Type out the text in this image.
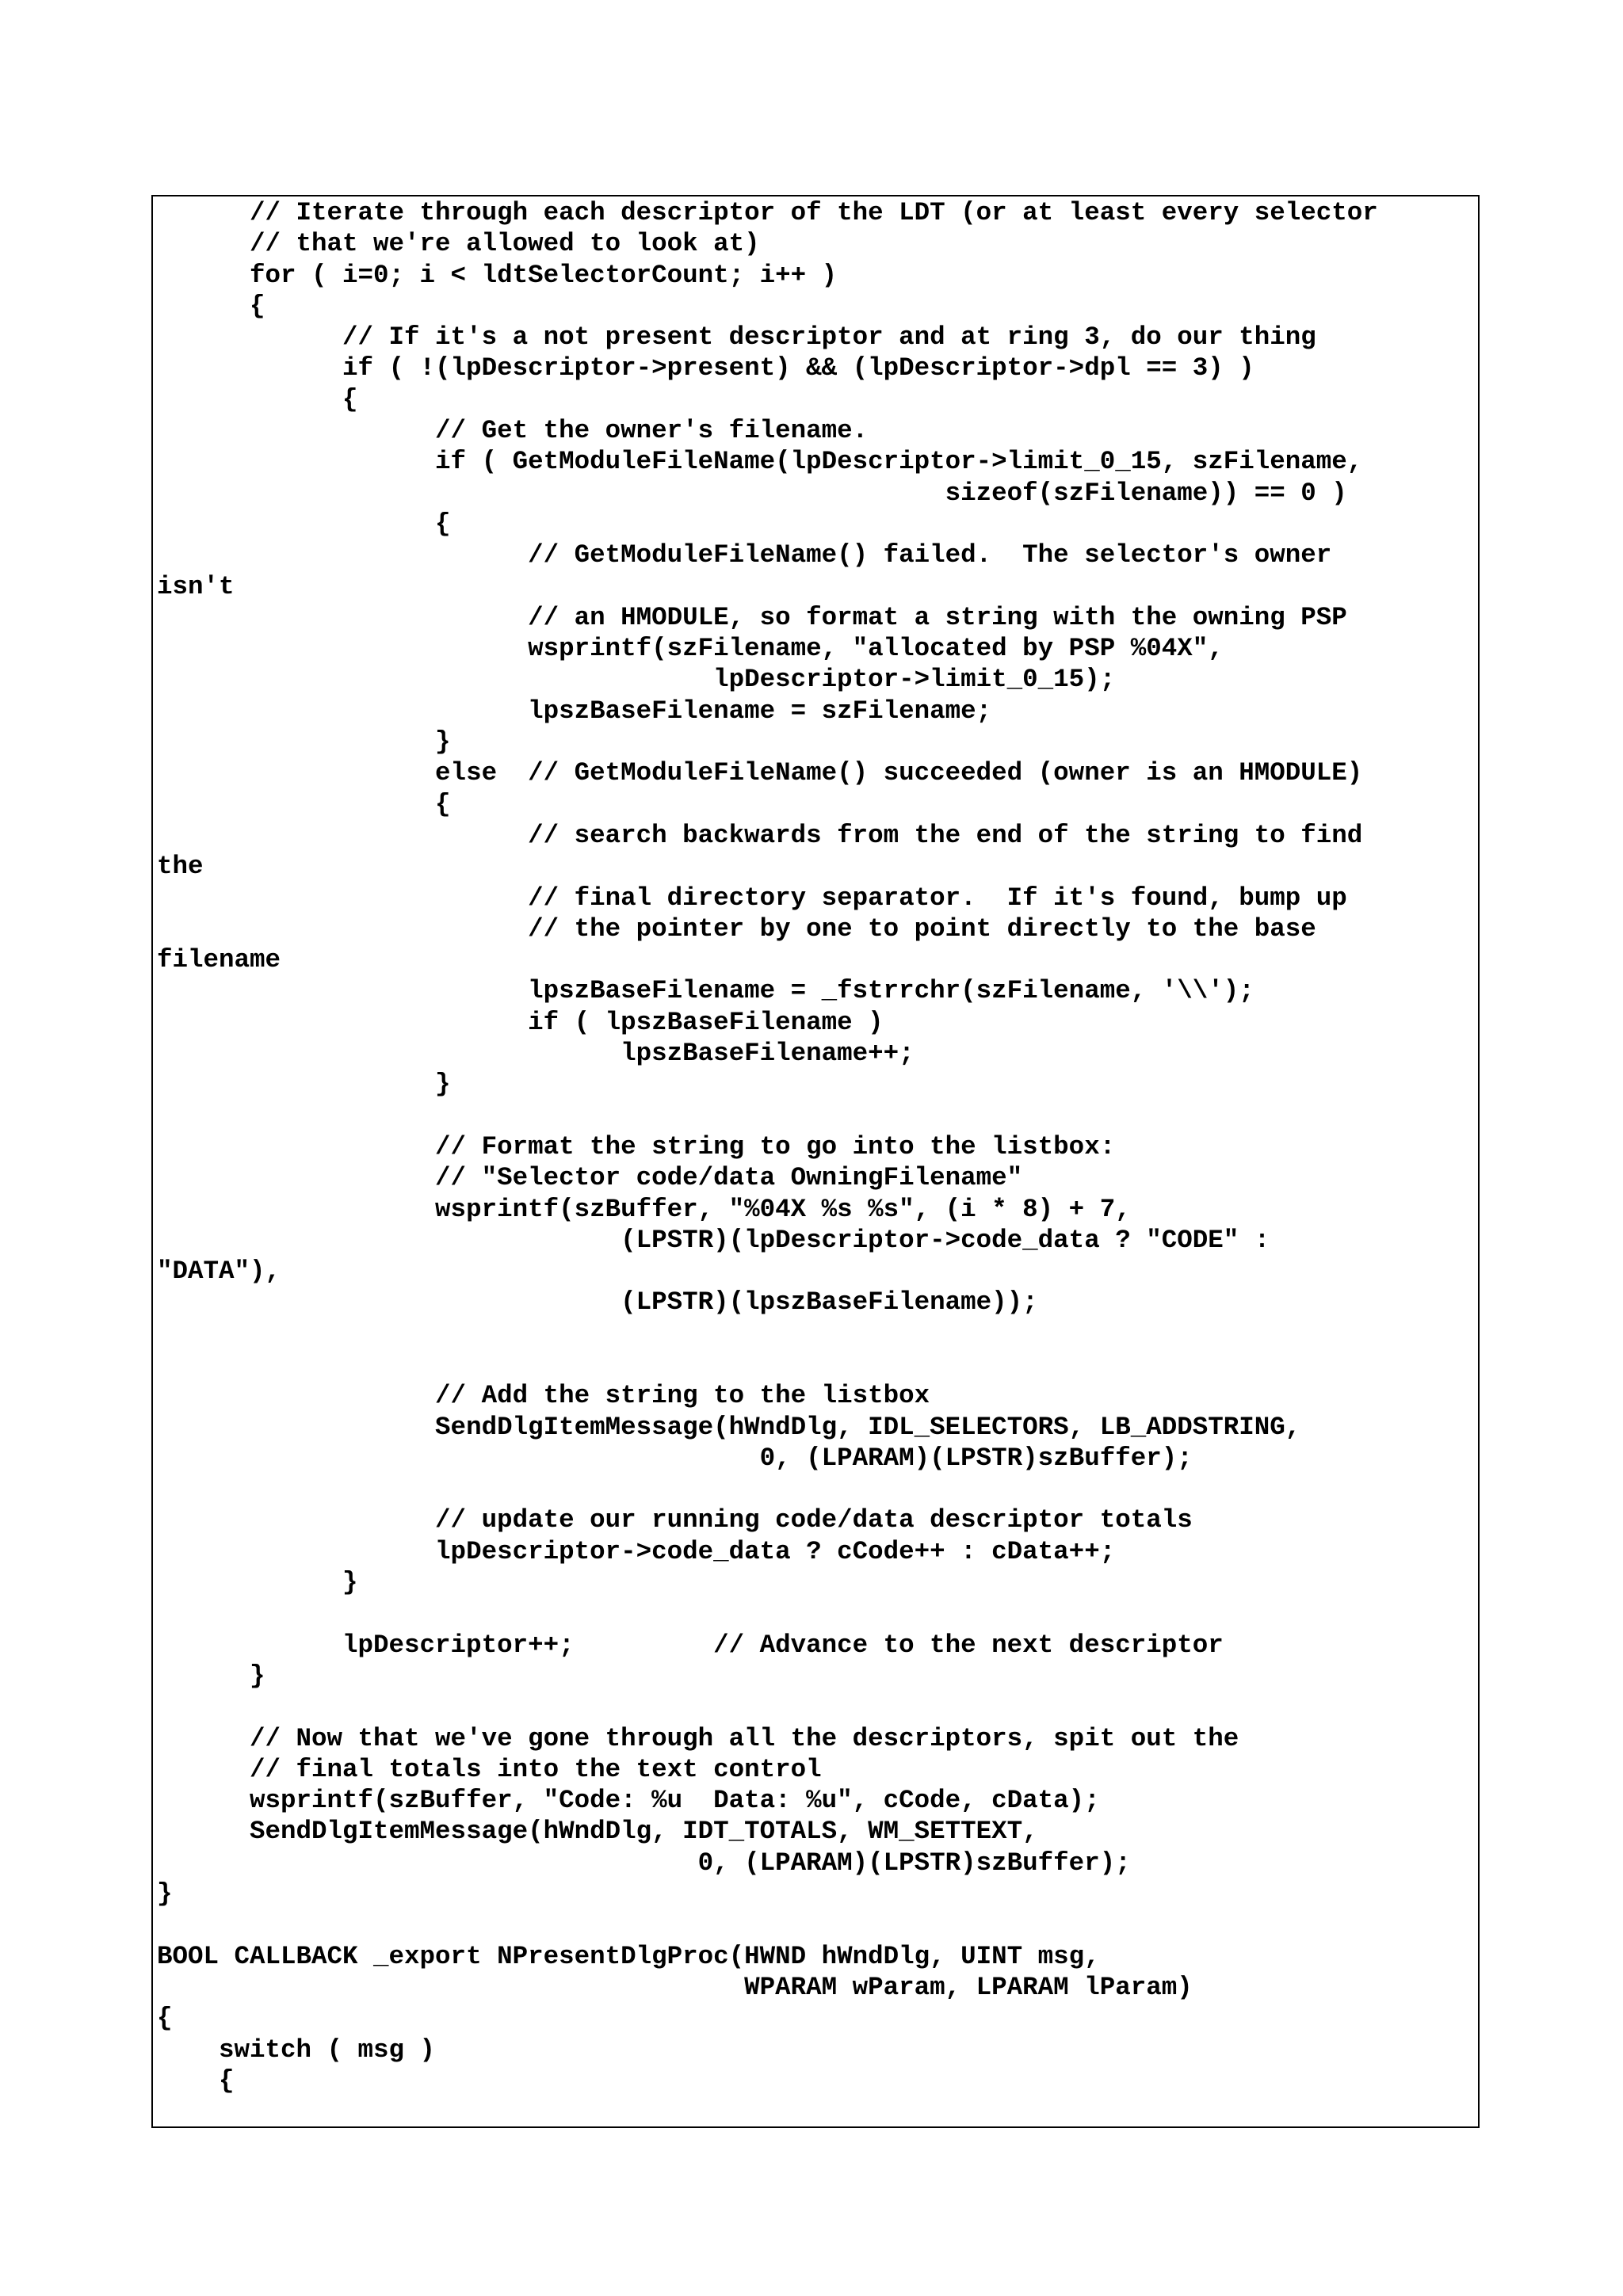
// Iterate through each descriptor of the LDT (or at least every selector
// that we're allowed to look at)
for ( i=0; i < ldtSelectorCount; i++ )
{
// If it's a not present descriptor and at ring 3, do our thing
if ( !(lpDescriptor->present) && (lpDescriptor->dpl == 3) )
{
// Get the owner's filename.
if ( GetModuleFileName(lpDescriptor->limit_0_15, szFilename,
sizeof(szFilename)) == 0 )
{
// GetModuleFileName() failed.  The selector's owner
isn't
// an HMODULE, so format a string with the owning PSP
wsprintf(szFilename, "allocated by PSP %04X",
lpDescriptor->limit_0_15);
lpszBaseFilename = szFilename;
}
else  // GetModuleFileName() succeeded (owner is an HMODULE)
{
// search backwards from the end of the string to find
the
// final directory separator.  If it's found, bump up
// the pointer by one to point directly to the base
filename
lpszBaseFilename = _fstrrchr(szFilename, '\\');
if ( lpszBaseFilename )
lpszBaseFilename++;
}
// Format the string to go into the listbox:
// "Selector code/data OwningFilename"
wsprintf(szBuffer, "%04X %s %s", (i * 8) + 7,
(LPSTR)(lpDescriptor->code_data ? "CODE" :
"DATA"),
(LPSTR)(lpszBaseFilename));
// Add the string to the listbox
SendDlgItemMessage(hWndDlg, IDL_SELECTORS, LB_ADDSTRING,
0, (LPARAM)(LPSTR)szBuffer);
// update our running code/data descriptor totals
lpDescriptor->code_data ? cCode++ : cData++;
}
lpDescriptor++;         // Advance to the next descriptor
}
// Now that we've gone through all the descriptors, spit out the
// final totals into the text control
wsprintf(szBuffer, "Code: %u  Data: %u", cCode, cData);
SendDlgItemMessage(hWndDlg, IDT_TOTALS, WM_SETTEXT,
0, (LPARAM)(LPSTR)szBuffer);
}
BOOL CALLBACK _export NPresentDlgProc(HWND hWndDlg, UINT msg,
WPARAM wParam, LPARAM lParam)
{
switch ( msg )
{
